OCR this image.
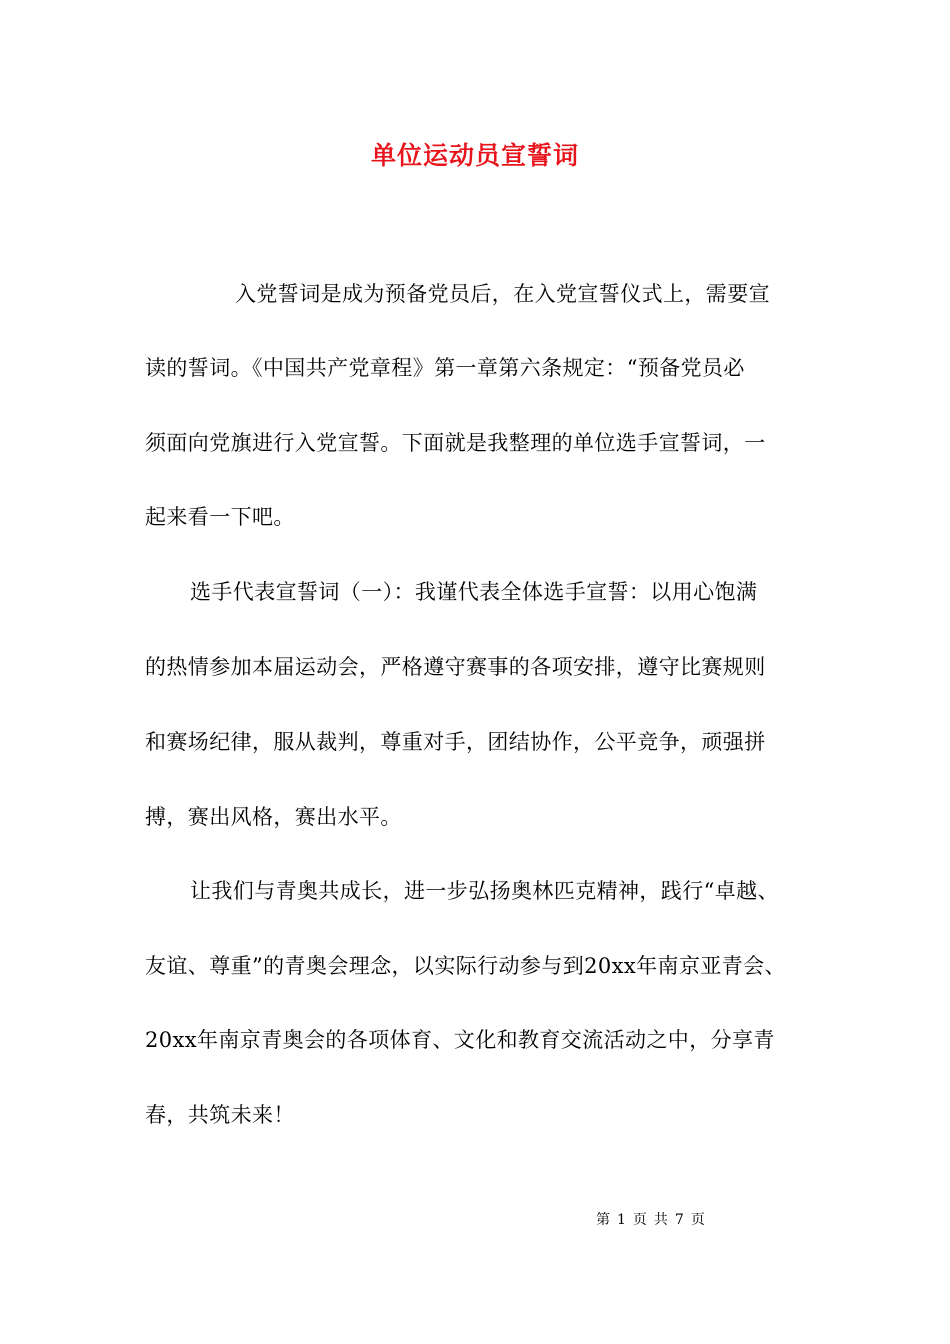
单位运动员宣誓词
入党誓词是成为预备党员后，在入党宣誓仪式上，需要宣
读的誓词。《中国共产党章程》第一章第六条规定：“预备党员必
须面向党旗进行入党宣誓。下面就是我整理的单位选手宣誓词，一
起来看一下吧。
选手代表宣誓词（一）：我谨代表全体选手宣誓：以用心饱满
的热情参加本届运动会，严格遵守赛事的各项安排，遵守比赛规则
和赛场纪律，服从裁判，尊重对手，团结协作，公平竞争，顽强拼
搏，赛出风格，赛出水平。
让我们与青奥共成长，进一步弘扬奥林匹克精神，践行“卓越、
友谊、尊重”的青奥会理念，以实际行动参与到20xx年南京亚青会、
20xx年南京青奥会的各项体育、文化和教育交流活动之中，分享青
春，共筑未来！
第 1 页 共 7 页
